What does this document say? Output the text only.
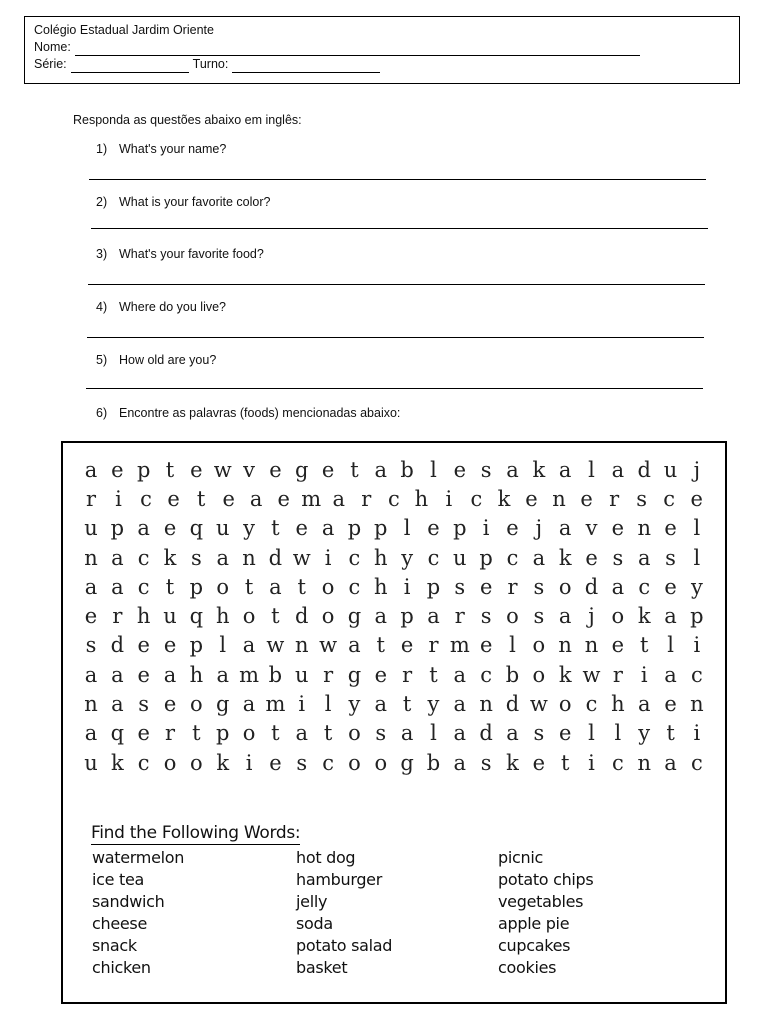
Colégio Estadual Jardim Oriente
Nome:
Série:	Turno:
Responda as questões abaixo em inglês:
1) What's your name?
2) What is your favorite color?
3) What's your favorite food?
4) Where do you live?
5) How old are you?
6) Encontre as palavras (foods) mencionadas abaixo:
a e p t e w v e g e t a b l e s a k a l a d u j
r i c e t e a e m a r c h i c k e n e r s c e
u p a e q u y t e a p p l e p i e j a v e n e l
n a c k s a n d w i c h y c u p c a k e s a s l
a a c t p o t a t o c h i p s e r s o d a c e y
e r h u q h o t d o g a p a r s o s a j o k a p
s d e e p l a w n w a t e r m e l o n n e t l i
a a e a h a m b u r g e r t a c b o k w r i a c
n a s e o g a m i l y a t y a n d w o c h a e n
a q e r t p o t a t o s a l a d a s e l l y t i
u k c o o k i e s c o o g b a s k e t i c n a c
Find the Following Words:
watermelon
ice tea
sandwich
cheese
snack
chicken
hot dog
hamburger
jelly
soda
potato salad
basket
picnic
potato chips
vegetables
apple pie
cupcakes
cookies
